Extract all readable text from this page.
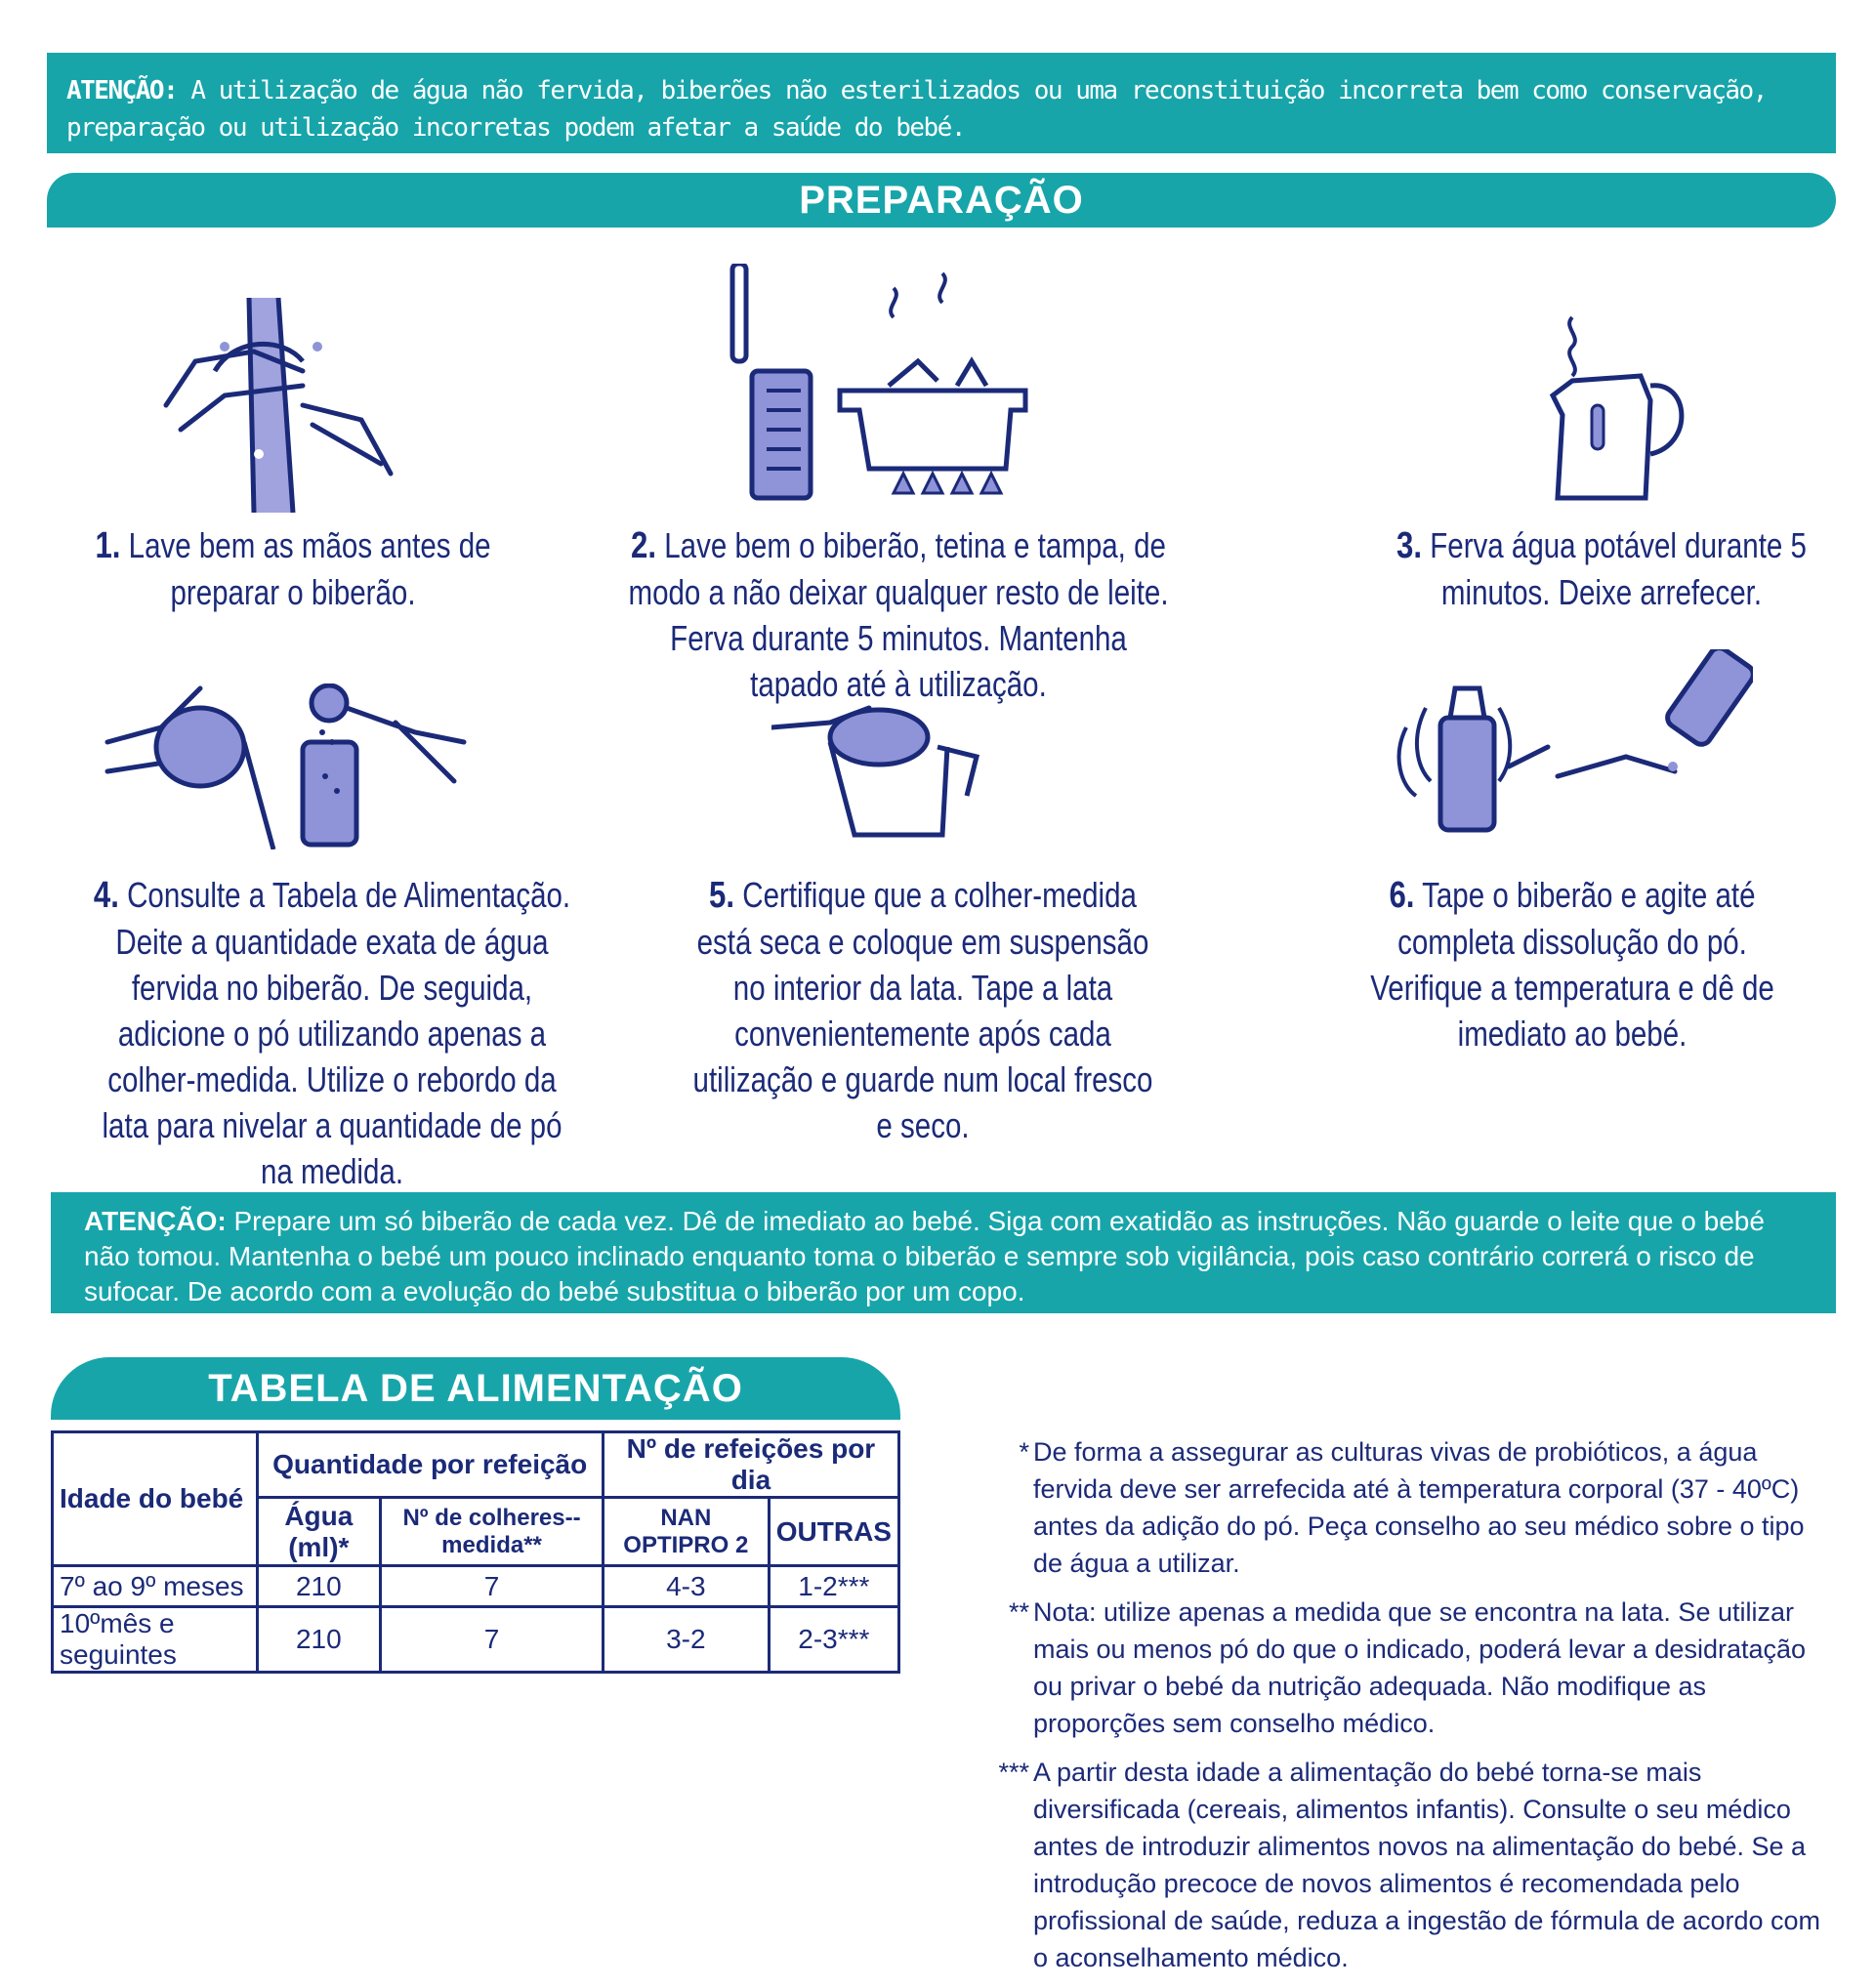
ATENÇÃO: A utilização de água não fervida, biberões não esterilizados ou uma reconstituição incorreta bem como conservação, preparação ou utilização incorretas podem afetar a saúde do bebé.
PREPARAÇÃO
1. Lave bem as mãos antes de preparar o biberão.
2. Lave bem o biberão, tetina e tampa, de modo a não deixar qualquer resto de leite. Ferva durante 5 minutos. Mantenha tapado até à utilização.
3. Ferva água potável durante 5 minutos. Deixe arrefecer.
4. Consulte a Tabela de Alimentação. Deite a quantidade exata de água fervida no biberão. De seguida, adicione o pó utilizando apenas a colher-medida. Utilize o rebordo da lata para nivelar a quantidade de pó na medida.
5. Certifique que a colher-medida está seca e coloque em suspensão no interior da lata. Tape a lata convenientemente após cada utilização e guarde num local fresco e seco.
6. Tape o biberão e agite até completa dissolução do pó. Verifique a temperatura e dê de imediato ao bebé.
ATENÇÃO: Prepare um só biberão de cada vez. Dê de imediato ao bebé. Siga com exatidão as instruções. Não guarde o leite que o bebé não tomou. Mantenha o bebé um pouco inclinado enquanto toma o biberão e sempre sob vigilância, pois caso contrário correrá o risco de sufocar. De acordo com a evolução do bebé substitua o biberão por um copo.
TABELA DE ALIMENTAÇÃO
Idade do bebé	Quantidade por refeição		Nº de refeições por dia	
	Água (ml)*	Nº de colheres--medida**	NAN OPTIPRO 2	OUTRAS
7º ao 9º meses	210	7	4-3	1-2***
10ºmês e seguintes	210	7	3-2	2-3***
* De forma a assegurar as culturas vivas de probióticos, a água fervida deve ser arrefecida até à temperatura corporal (37 - 40ºC) antes da adição do pó. Peça conselho ao seu médico sobre o tipo de água a utilizar.
** Nota: utilize apenas a medida que se encontra na lata. Se utilizar mais ou menos pó do que o indicado, poderá levar a desidratação ou privar o bebé da nutrição adequada. Não modifique as proporções sem conselho médico.
*** A partir desta idade a alimentação do bebé torna-se mais diversificada (cereais, alimentos infantis). Consulte o seu médico antes de introduzir alimentos novos na alimentação do bebé. Se a introdução precoce de novos alimentos é recomendada pelo profissional de saúde, reduza a ingestão de fórmula de acordo com o aconselhamento médico.
